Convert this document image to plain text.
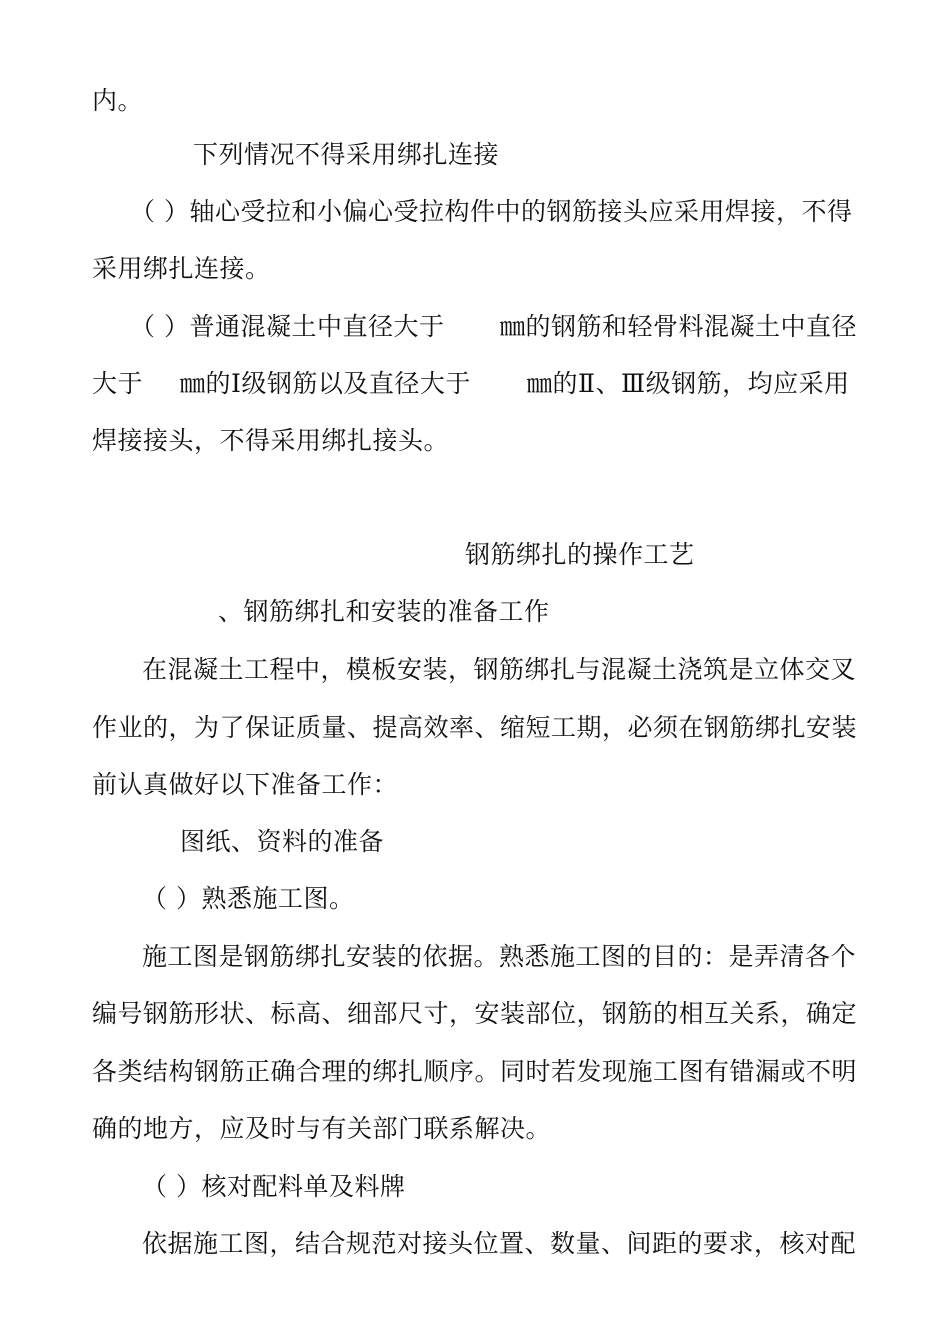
内。
下列情况不得采用绑扎连接
（ ）轴心受拉和小偏心受拉构件中的钢筋接头应采用焊接，不得
采用绑扎连接。
（ ）普通混凝土中直径大于 ㎜的钢筋和轻骨料混凝土中直径
大于 ㎜的Ⅰ级钢筋以及直径大于 ㎜的Ⅱ、Ⅲ级钢筋，均应采用
焊接接头，不得采用绑扎接头。
钢筋绑扎的操作工艺
、钢筋绑扎和安装的准备工作
在混凝土工程中，模板安装，钢筋绑扎与混凝土浇筑是立体交叉
作业的，为了保证质量、提高效率、缩短工期，必须在钢筋绑扎安装
前认真做好以下准备工作：
图纸、资料的准备
（ ）熟悉施工图。
施工图是钢筋绑扎安装的依据。熟悉施工图的目的：是弄清各个
编号钢筋形状、标高、细部尺寸，安装部位，钢筋的相互关系，确定
各类结构钢筋正确合理的绑扎顺序。同时若发现施工图有错漏或不明
确的地方，应及时与有关部门联系解决。
（ ）核对配料单及料牌
依据施工图，结合规范对接头位置、数量、间距的要求，核对配
